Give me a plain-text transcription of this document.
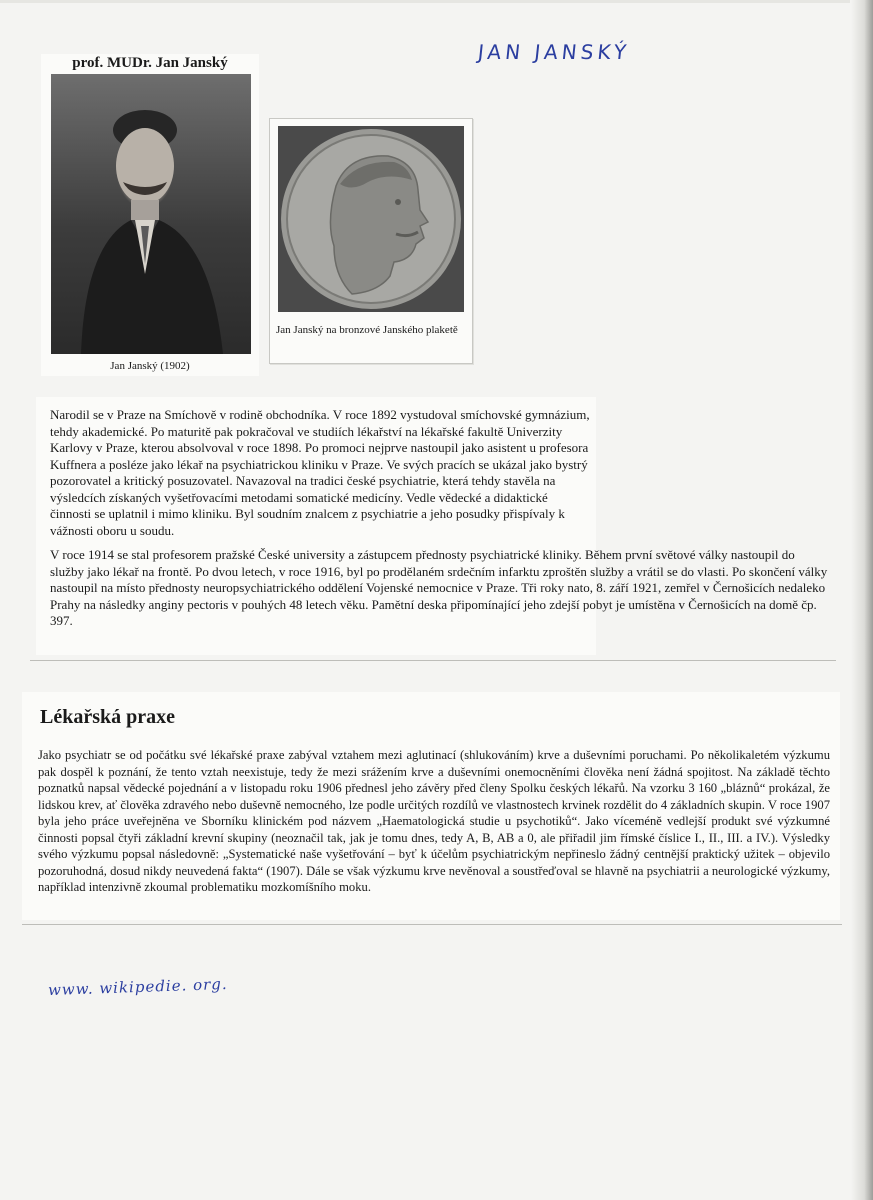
JAN JANSKÝ
prof. MUDr. Jan Janský
Jan Janský (1902)
Jan Janský na bronzové Janského plaketě

Narodil se v Praze na Smíchově v rodině obchodníka. V roce 1892 vystudoval smíchovské gymnázium, tehdy akademické. Po maturitě pak pokračoval ve studiích lékařství na lékařské fakultě Univerzity Karlovy v Praze, kterou absolvoval v roce 1898. Po promoci nejprve nastoupil jako asistent u profesora Kuffnera a posléze jako lékař na psychiatrickou kliniku v Praze. Ve svých pracích se ukázal jako bystrý pozorovatel a kritický posuzovatel. Navazoval na tradici české psychiatrie, která tehdy stavěla na výsledcích získaných vyšetřovacími metodami somatické medicíny. Vedle vědecké a didaktické činnosti se uplatnil i mimo kliniku. Byl soudním znalcem z psychiatrie a jeho posudky přispívaly k vážnosti oboru u soudu.

V roce 1914 se stal profesorem pražské České university a zástupcem přednosty psychiatrické kliniky. Během první světové války nastoupil do služby jako lékař na frontě. Po dvou letech, v roce 1916, byl po prodělaném srdečním infarktu zproštěn služby a vrátil se do vlasti. Po skončení války nastoupil na místo přednosty neuropsychiatrického oddělení Vojenské nemocnice v Praze. Tři roky nato, 8. září 1921, zemřel v Černošicích nedaleko Prahy na následky anginy pectoris v pouhých 48 letech věku. Pamětní deska připomínající jeho zdejší pobyt je umístěna v Černošicích na domě čp. 397.

Lékařská praxe

Jako psychiatr se od počátku své lékařské praxe zabýval vztahem mezi aglutinací (shlukováním) krve a duševními poruchami. Po několikaletém výzkumu pak dospěl k poznání, že tento vztah neexistuje, tedy že mezi srážením krve a duševními onemocněními člověka není žádná spojitost. Na základě těchto poznatků napsal vědecké pojednání a v listopadu roku 1906 přednesl jeho závěry před členy Spolku českých lékařů. Na vzorku 3 160 „bláznů“ prokázal, že lidskou krev, ať člověka zdravého nebo duševně nemocného, lze podle určitých rozdílů ve vlastnostech krvinek rozdělit do 4 základních skupin. V roce 1907 byla jeho práce uveřejněna ve Sborníku klinickém pod názvem „Haematologická studie u psychotiků“. Jako víceméně vedlejší produkt své výzkumné činnosti popsal čtyři základní krevní skupiny (neoznačil tak, jak je tomu dnes, tedy A, B, AB a 0, ale přiřadil jim římské číslice I., II., III. a IV.). Výsledky svého výzkumu popsal následovně: „Systematické naše vyšetřování – byť k účelům psychiatrickým nepřineslo žádný centnější praktický užitek – objevilo pozoruhodná, dosud nikdy neuvedená fakta“ (1907). Dále se však výzkumu krve nevěnoval a soustřeďoval se hlavně na psychiatrii a neurologické výzkumy, například intenzivně zkoumal problematiku mozkomíšního moku.

www. wikipedie. org.
